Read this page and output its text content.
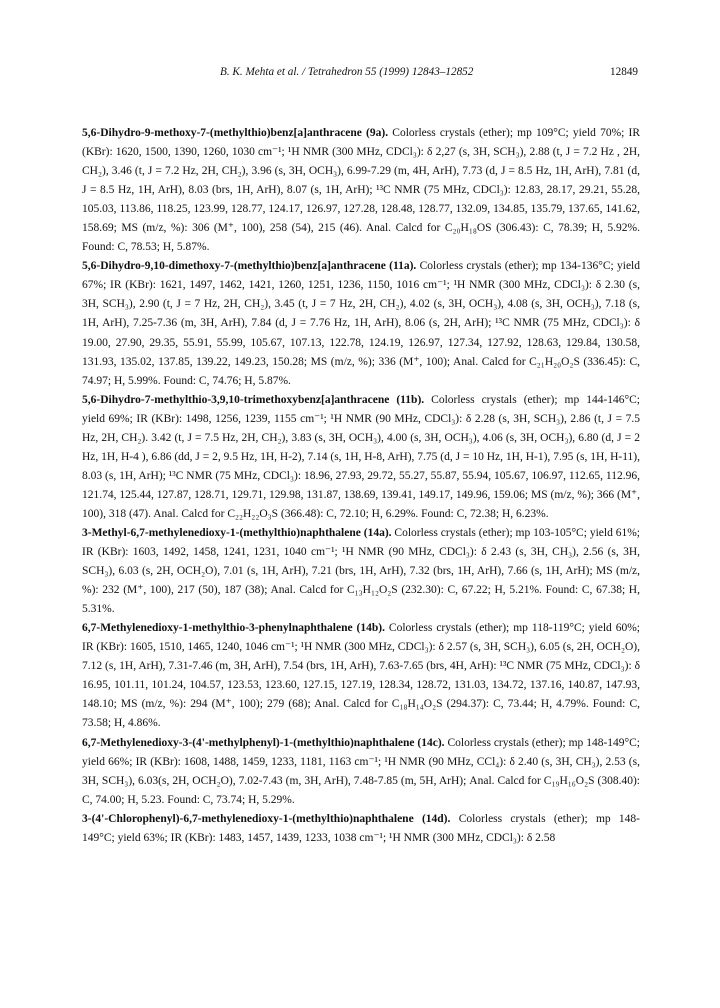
B. K. Mehta et al. / Tetrahedron 55 (1999) 12843–12852	12849

5,6-Dihydro-9-methoxy-7-(methylthio)benz[a]anthracene (9a). Colorless crystals (ether); mp 109°C; yield 70%; IR (KBr): 1620, 1500, 1390, 1260, 1030 cm⁻¹; ¹H NMR (300 MHz, CDCl₃): δ 2,27 (s, 3H, SCH₃), 2.88 (t, J = 7.2 Hz , 2H, CH₂), 3.46 (t, J = 7.2 Hz, 2H, CH₂), 3.96 (s, 3H, OCH₃), 6.99-7.29 (m, 4H, ArH), 7.73 (d, J = 8.5 Hz, 1H, ArH), 7.81 (d, J = 8.5 Hz, 1H, ArH), 8.03 (brs, 1H, ArH), 8.07 (s, 1H, ArH); ¹³C NMR (75 MHz, CDCl₃): 12.83, 28.17, 29.21, 55.28, 105.03, 113.86, 118.25, 123.99, 128.77, 124.17, 126.97, 127.28, 128.48, 128.77, 132.09, 134.85, 135.79, 137.65, 141.62, 158.69; MS (m/z, %): 306 (M⁺, 100), 258 (54), 215 (46). Anal. Calcd for C₂₀H₁₈OS (306.43): C, 78.39; H, 5.92%. Found: C, 78.53; H, 5.87%.

5,6-Dihydro-9,10-dimethoxy-7-(methylthio)benz[a]anthracene (11a). Colorless crystals (ether); mp 134-136°C; yield 67%; IR (KBr): 1621, 1497, 1462, 1421, 1260, 1251, 1236, 1150, 1016 cm⁻¹; ¹H NMR (300 MHz, CDCl₃): δ 2.30 (s, 3H, SCH₃), 2.90 (t, J = 7 Hz, 2H, CH₂), 3.45 (t, J = 7 Hz, 2H, CH₂), 4.02 (s, 3H, OCH₃), 4.08 (s, 3H, OCH₃), 7.18 (s, 1H, ArH), 7.25-7.36 (m, 3H, ArH), 7.84 (d, J = 7.76 Hz, 1H, ArH), 8.06 (s, 2H, ArH); ¹³C NMR (75 MHz, CDCl₃): δ 19.00, 27.90, 29.35, 55.91, 55.99, 105.67, 107.13, 122.78, 124.19, 126.97, 127.34, 127.92, 128.63, 129.84, 130.58, 131.93, 135.02, 137.85, 139.22, 149.23, 150.28; MS (m/z, %); 336 (M⁺, 100); Anal. Calcd for C₂₁H₂₀O₂S (336.45): C, 74.97; H, 5.99%. Found: C, 74.76; H, 5.87%.

5,6-Dihydro-7-methylthio-3,9,10-trimethoxybenz[a]anthracene (11b). Colorless crystals (ether); mp 144-146°C; yield 69%; IR (KBr): 1498, 1256, 1239, 1155 cm⁻¹; ¹H NMR (90 MHz, CDCl₃): δ 2.28 (s, 3H, SCH₃), 2.86 (t, J = 7.5 Hz, 2H, CH₂). 3.42 (t, J = 7.5 Hz, 2H, CH₂), 3.83 (s, 3H, OCH₃), 4.00 (s, 3H, OCH₃), 4.06 (s, 3H, OCH₃), 6.80 (d, J = 2 Hz, 1H, H-4 ), 6.86 (dd, J = 2, 9.5 Hz, 1H, H-2), 7.14 (s, 1H, H-8, ArH), 7.75 (d, J = 10 Hz, 1H, H-1), 7.95 (s, 1H, H-11), 8.03 (s, 1H, ArH); ¹³C NMR (75 MHz, CDCl₃): 18.96, 27.93, 29.72, 55.27, 55.87, 55.94, 105.67, 106.97, 112.65, 112.96, 121.74, 125.44, 127.87, 128.71, 129.71, 129.98, 131.87, 138.69, 139.41, 149.17, 149.96, 159.06; MS (m/z, %); 366 (M⁺, 100), 318 (47). Anal. Calcd for C₂₂H₂₂O₃S (366.48): C, 72.10; H, 6.29%. Found: C, 72.38; H, 6.23%.

3-Methyl-6,7-methylenedioxy-1-(methylthio)naphthalene (14a). Colorless crystals (ether); mp 103-105°C; yield 61%; IR (KBr): 1603, 1492, 1458, 1241, 1231, 1040 cm⁻¹; ¹H NMR (90 MHz, CDCl₃): δ 2.43 (s, 3H, CH₃), 2.56 (s, 3H, SCH₃), 6.03 (s, 2H, OCH₂O), 7.01 (s, 1H, ArH), 7.21 (brs, 1H, ArH), 7.32 (brs, 1H, ArH), 7.66 (s, 1H, ArH); MS (m/z, %): 232 (M⁺, 100), 217 (50), 187 (38); Anal. Calcd for C₁₃H₁₂O₂S (232.30): C, 67.22; H, 5.21%. Found: C, 67.38; H, 5.31%.

6,7-Methylenedioxy-1-methylthio-3-phenylnaphthalene (14b). Colorless crystals (ether); mp 118-119°C; yield 60%; IR (KBr): 1605, 1510, 1465, 1240, 1046 cm⁻¹; ¹H NMR (300 MHz, CDCl₃): δ 2.57 (s, 3H, SCH₃), 6.05 (s, 2H, OCH₂O), 7.12 (s, 1H, ArH), 7.31-7.46 (m, 3H, ArH), 7.54 (brs, 1H, ArH), 7.63-7.65 (brs, 4H, ArH): ¹³C NMR (75 MHz, CDCl₃): δ 16.95, 101.11, 101.24, 104.57, 123.53, 123.60, 127.15, 127.19, 128.34, 128.72, 131.03, 134.72, 137.16, 140.87, 147.93, 148.10; MS (m/z, %): 294 (M⁺, 100); 279 (68); Anal. Calcd for C₁₈H₁₄O₂S (294.37): C, 73.44; H, 4.79%. Found: C, 73.58; H, 4.86%.

6,7-Methylenedioxy-3-(4'-methylphenyl)-1-(methylthio)naphthalene (14c). Colorless crystals (ether); mp 148-149°C; yield 66%; IR (KBr): 1608, 1488, 1459, 1233, 1181, 1163 cm⁻¹; ¹H NMR (90 MHz, CCl₄): δ 2.40 (s, 3H, CH₃), 2.53 (s, 3H, SCH₃), 6.03(s, 2H, OCH₂O), 7.02-7.43 (m, 3H, ArH), 7.48-7.85 (m, 5H, ArH); Anal. Calcd for C₁₉H₁₆O₂S (308.40): C, 74.00; H, 5.23. Found: C, 73.74; H, 5.29%.

3-(4'-Chlorophenyl)-6,7-methylenedioxy-1-(methylthio)naphthalene (14d). Colorless crystals (ether); mp 148-149°C; yield 63%; IR (KBr): 1483, 1457, 1439, 1233, 1038 cm⁻¹; ¹H NMR (300 MHz, CDCl₃): δ 2.58
